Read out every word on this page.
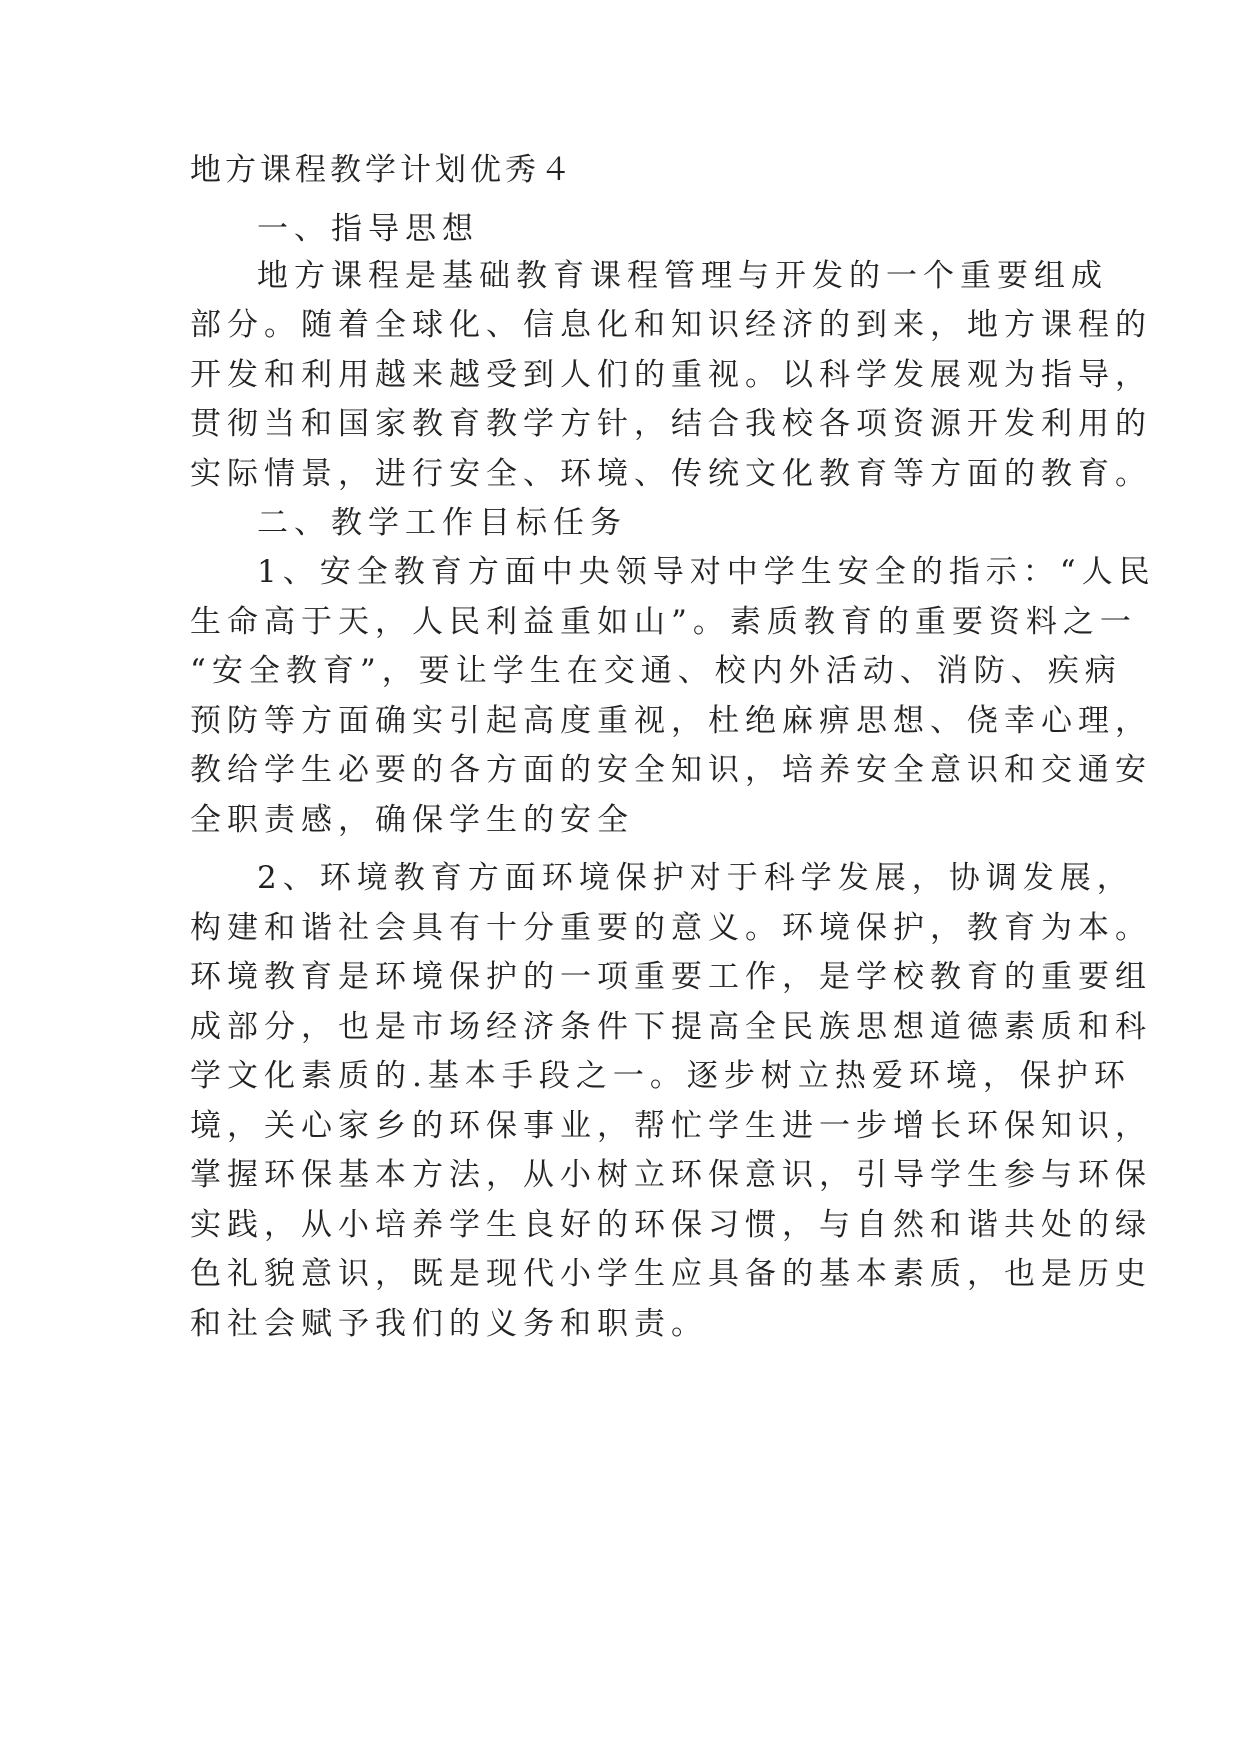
地方课程教学计划优秀４
一、指导思想
地方课程是基础教育课程管理与开发的一个重要组成
部分。随着全球化、信息化和知识经济的到来，地方课程的
开发和利用越来越受到人们的重视。以科学发展观为指导，
贯彻当和国家教育教学方针，结合我校各项资源开发利用的
实际情景，进行安全、环境、传统文化教育等方面的教育。
二、教学工作目标任务
1、安全教育方面中央领导对中学生安全的指示：“人民
生命高于天，人民利益重如山”。素质教育的重要资料之一
“安全教育”，要让学生在交通、校内外活动、消防、疾病
预防等方面确实引起高度重视，杜绝麻痹思想、侥幸心理，
教给学生必要的各方面的安全知识，培养安全意识和交通安
全职责感，确保学生的安全
2、环境教育方面环境保护对于科学发展，协调发展，
构建和谐社会具有十分重要的意义。环境保护，教育为本。
环境教育是环境保护的一项重要工作，是学校教育的重要组
成部分，也是市场经济条件下提高全民族思想道德素质和科
学文化素质的.基本手段之一。逐步树立热爱环境，保护环
境，关心家乡的环保事业，帮忙学生进一步增长环保知识，
掌握环保基本方法，从小树立环保意识，引导学生参与环保
实践，从小培养学生良好的环保习惯，与自然和谐共处的绿
色礼貌意识，既是现代小学生应具备的基本素质，也是历史
和社会赋予我们的义务和职责。
